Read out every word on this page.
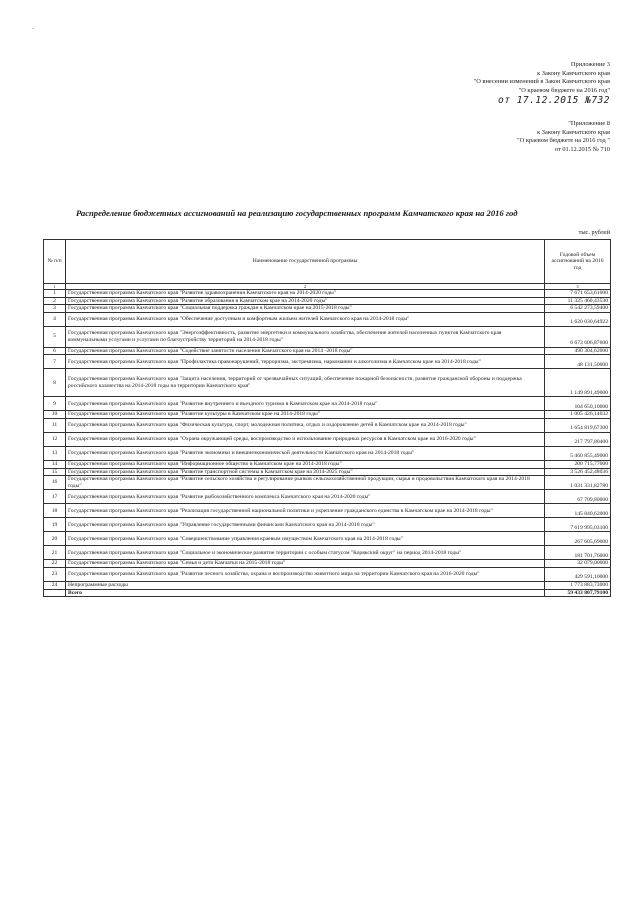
-
Приложение 3
к Закону Камчатского края
"О внесении изменений в Закон Камчатского края
"О краевом бюджете на 2016 год"
от 17.12.2015 №732
"Приложение 8
к Закону Камчатского края
"О краевом бюджете на 2016 год "
от 01.12.2015 № 710
Распределение бюджетных ассигнований на реализацию государственных программ Камчатского края на 2016 год
тыс. рублей
№ п/п	Наименование государственной программы	Годовой объем ассигнований на 2016 год
1	2	3
1	Государственная программа Камчатского края "Развитие здравоохранения Камчатского края на 2014-2020 годы"	7 671 653,61000
2	Государственная программа Камчатского края "Развитие образования в Камчатском крае на 2014-2020 годы"	11 325 460,43530
3	Государственная программа Камчатского края "Социальная поддержка граждан в Камчатском крае на 2015-2018 годы"	6 542 273,59400
4	Государственная программа Камчатского края "Обеспечение доступным и комфортным жильем жителей Камчатского края на 2014-2018 годы"	1 620 030,64922
5	Государственная программа Камчатского края "Энергоэффективность, развитие энергетики и коммунального хозяйства, обеспечение жителей населенных пунктов Камчатского края коммунальными услугами и услугами по благоустройству территорий на 2014-2018 годы"	6 673 606,87600
6	Государственная программа Камчатского края "Содействие занятости населения Камчатского края на 2014 -2018 годы"	490 304,62000
7	Государственная программа Камчатского края "Профилактика правонарушений, терроризма, экстремизма, наркомании и алкоголизма в Камчатском крае на 2014-2018 годы"	48 131,50000
8	Государственная программа Камчатского края "Защита населения, территорий от чрезвычайных ситуаций, обеспечение пожарной безопасности, развитие гражданской обороны и поддержка российского казачества на 2014-2018 годы на территории Камчатского края"	1 149 891,49000
9	Государственная программа Камчатского края "Развитие внутреннего и въездного туризма в Камчатском крае на 2014-2018 годы"	104 650,10000
10	Государственная программа Камчатского края "Развитие культуры в Камчатском крае на 2014-2018 годы"	1 005 426,14032
11	Государственная программа Камчатского края "Физическая культура, спорт, молодежная политика, отдых и оздоровление детей в Камчатском крае на 2014-2018 годы"	1 654 819,67300
12	Государственная программа Камчатского края "Охрана окружающей среды, воспроизводство и использование природных ресурсов в Камчатском крае на 2016-2020 годы"	217 797,80400
13	Государственная программа Камчатского края "Развитие экономики и внешнеэкономической деятельности Камчатского края на 2014-2018 годы"	5 460 855,49000
14	Государственная программа Камчатского края "Информационное общество в Камчатском крае на 2014-2018 годы"	200 715,77000
15	Государственная программа Камчатского края "Развитие транспортной системы в Камчатском крае на 2014-2025 годы"	3 526 452,48036
16	Государственная программа Камчатского края "Развитие сельского хозяйства и регулирование рынков сельскохозяйственной продукции, сырья и продовольствия Камчатского края на 2014-2018 годы"	1 031 331,82780
17	Государственная программа Камчатского края "Развитие рыбохозяйственного комплекса Камчатского края на 2014-2020 годы"	67 709,80000
18	Государственная программа Камчатского края "Реализация государственной национальной политики и укрепление гражданского единства в Камчатском крае на 2014-2018 годы"	145 840,62000
19	Государственная программа Камчатского края "Управление государственными финансами Камчатского края на 2014-2018 годы"	7 619 995,03100
20	Государственная программа Камчатского края "Совершенствование управления краевым имуществом Камчатского края на 2014-2018 годы"	267 605,69000
21	Государственная программа Камчатского края "Социальное и экономическое развитие территории с особым статусом "Корякский округ" на период 2014-2018 годы"	181 701,76000
22	Государственная программа Камчатского края "Семья и дети Камчатки на 2015-2018 годы"	32 079,00000
23	Государственная программа Камчатского края "Развитие лесного хозяйства, охрана и воспроизводство животного мира на территории Камчатского края на 2016-2020 годы"	429 591,10000
24	Непрограммные расходы	1 773 883,73000
	Всего	59 433 807,79100
